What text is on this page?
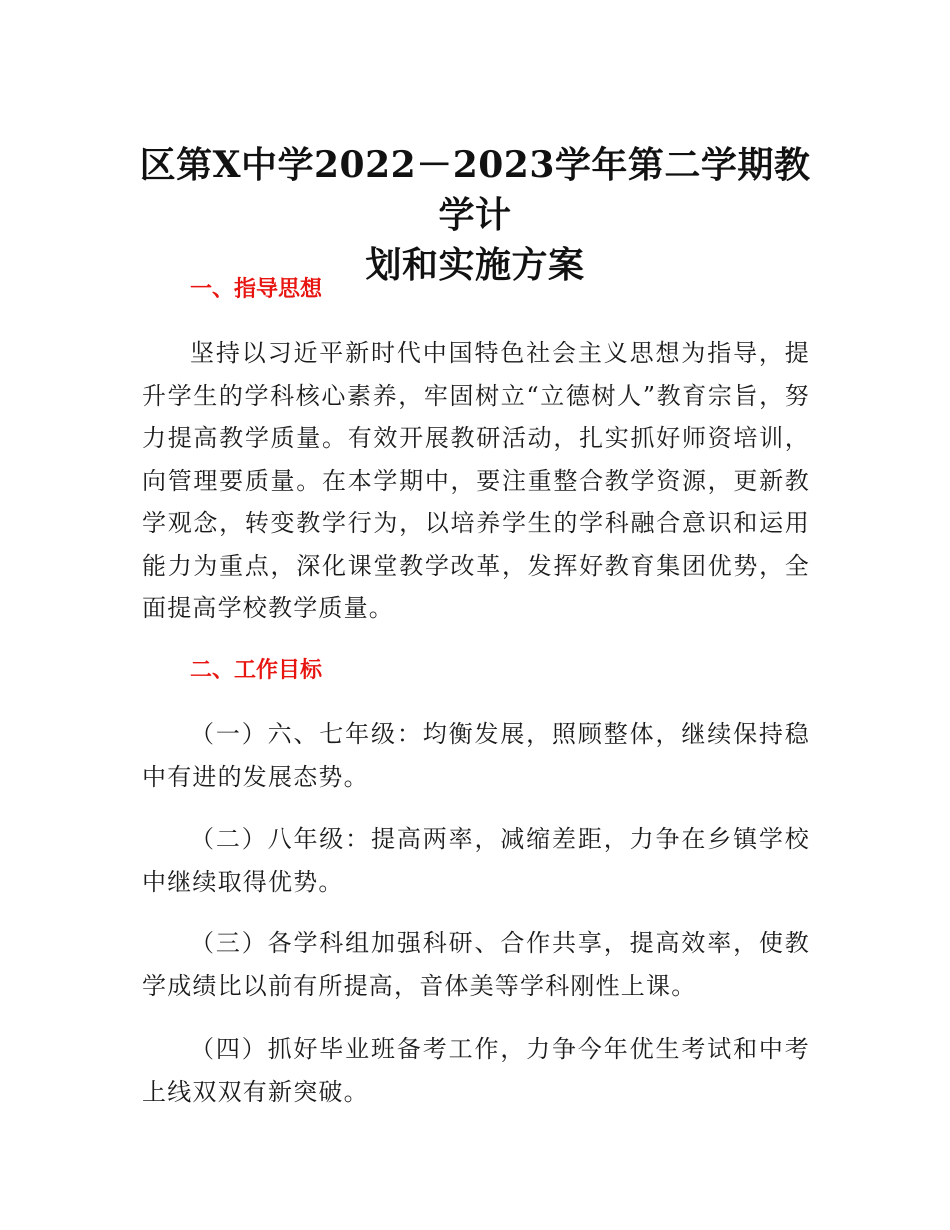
区第X中学2022－2023学年第二学期教学计
划和实施方案
一、指导思想

坚持以习近平新时代中国特色社会主义思想为指导，提升学生的学科核心素养，牢固树立“立德树人”教育宗旨，努力提高教学质量。有效开展教研活动，扎实抓好师资培训，向管理要质量。在本学期中，要注重整合教学资源，更新教学观念，转变教学行为，以培养学生的学科融合意识和运用能力为重点，深化课堂教学改革，发挥好教育集团优势，全面提高学校教学质量。

二、工作目标

（一）六、七年级：均衡发展，照顾整体，继续保持稳中有进的发展态势。

（二）八年级：提高两率，减缩差距，力争在乡镇学校中继续取得优势。

（三）各学科组加强科研、合作共享，提高效率，使教学成绩比以前有所提高，音体美等学科刚性上课。

（四）抓好毕业班备考工作，力争今年优生考试和中考上线双双有新突破。
